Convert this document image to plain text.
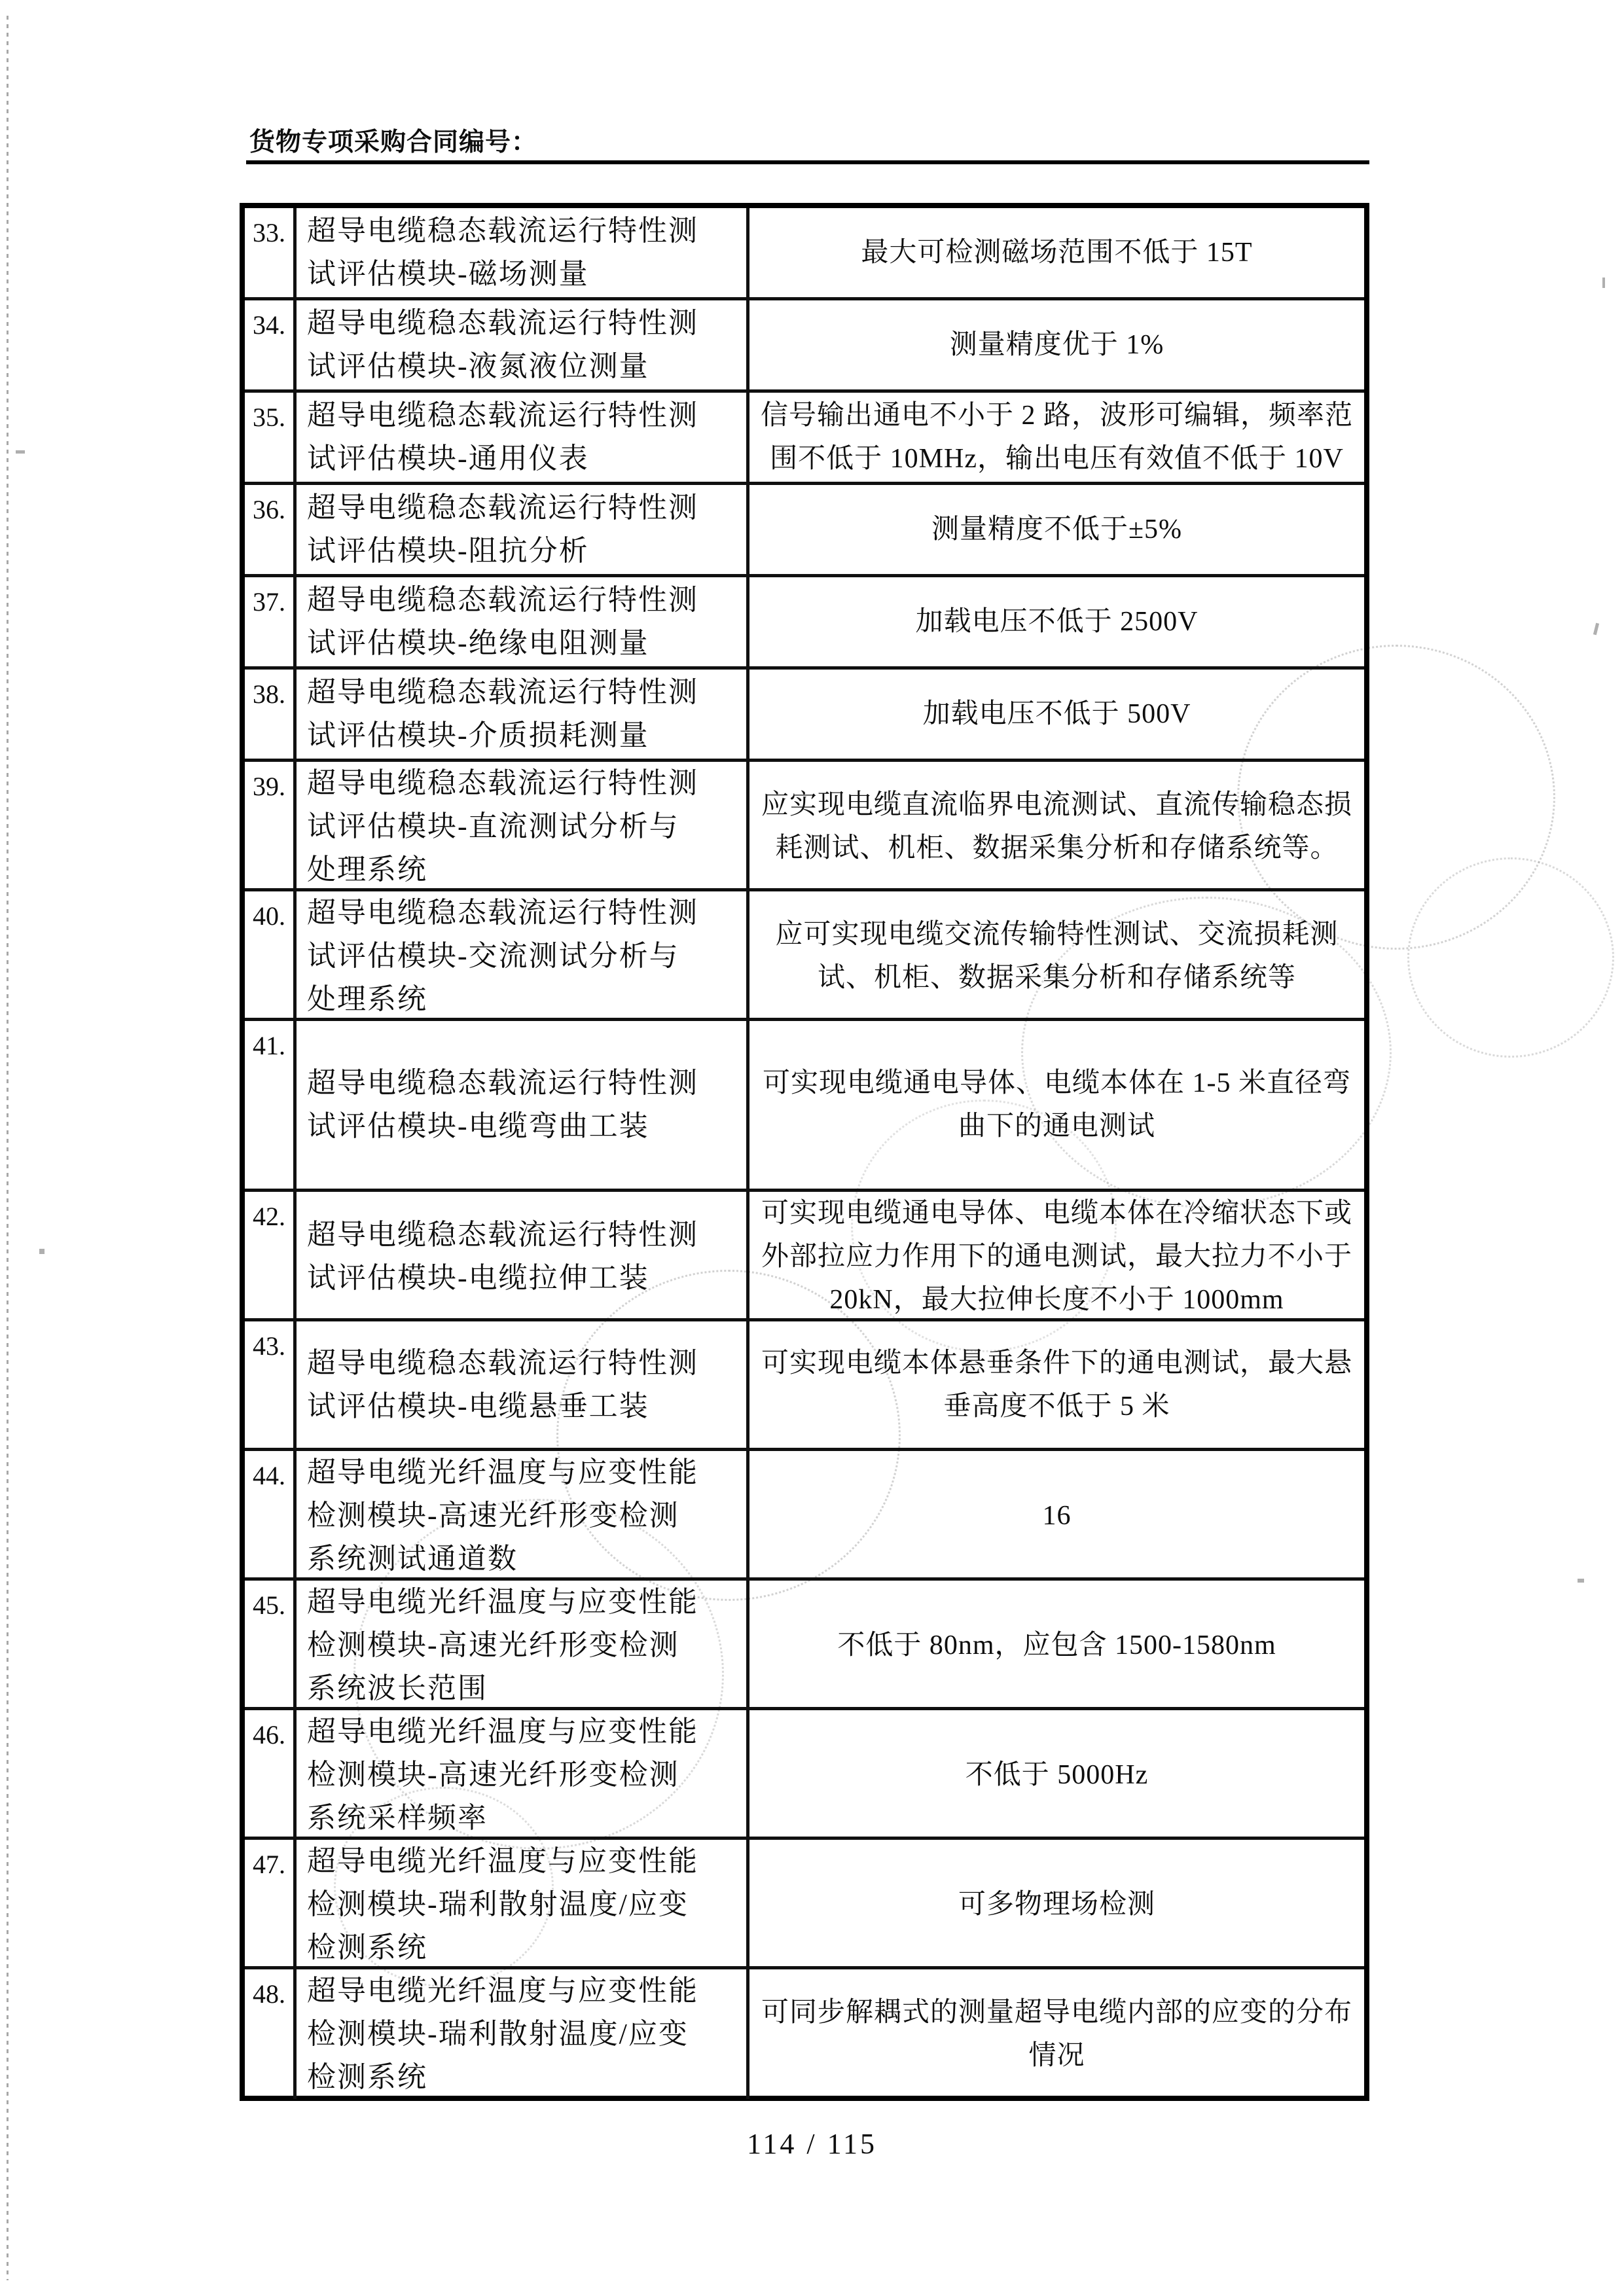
货物专项采购合同编号：
33. 超导电缆稳态载流运行特性测试评估模块-磁场测量
最大可检测磁场范围不低于 15T
34. 超导电缆稳态载流运行特性测试评估模块-液氮液位测量
测量精度优于 1%
35. 超导电缆稳态载流运行特性测试评估模块-通用仪表
信号输出通电不小于 2 路，波形可编辑，频率范围不低于 10MHz，输出电压有效值不低于 10V
36. 超导电缆稳态载流运行特性测试评估模块-阻抗分析
测量精度不低于±5%
37. 超导电缆稳态载流运行特性测试评估模块-绝缘电阻测量
加载电压不低于 2500V
38. 超导电缆稳态载流运行特性测试评估模块-介质损耗测量
加载电压不低于 500V
39. 超导电缆稳态载流运行特性测试评估模块-直流测试分析与处理系统
应实现电缆直流临界电流测试、直流传输稳态损耗测试、机柜、数据采集分析和存储系统等。
40. 超导电缆稳态载流运行特性测试评估模块-交流测试分析与处理系统
应可实现电缆交流传输特性测试、交流损耗测试、机柜、数据采集分析和存储系统等
41.
超导电缆稳态载流运行特性测试评估模块-电缆弯曲工装
可实现电缆通电导体、电缆本体在 1-5 米直径弯曲下的通电测试
42.
超导电缆稳态载流运行特性测试评估模块-电缆拉伸工装
可实现电缆通电导体、电缆本体在冷缩状态下或外部拉应力作用下的通电测试，最大拉力不小于 20kN，最大拉伸长度不小于 1000mm
43.
超导电缆稳态载流运行特性测试评估模块-电缆悬垂工装
可实现电缆本体悬垂条件下的通电测试，最大悬垂高度不低于 5 米
44. 超导电缆光纤温度与应变性能检测模块-高速光纤形变检测系统测试通道数
16
45. 超导电缆光纤温度与应变性能检测模块-高速光纤形变检测系统波长范围
不低于 80nm，应包含 1500-1580nm
46. 超导电缆光纤温度与应变性能检测模块-高速光纤形变检测系统采样频率
不低于 5000Hz
47. 超导电缆光纤温度与应变性能检测模块-瑞利散射温度/应变检测系统
可多物理场检测
48. 超导电缆光纤温度与应变性能检测模块-瑞利散射温度/应变检测系统
可同步解耦式的测量超导电缆内部的应变的分布情况
114 / 115
